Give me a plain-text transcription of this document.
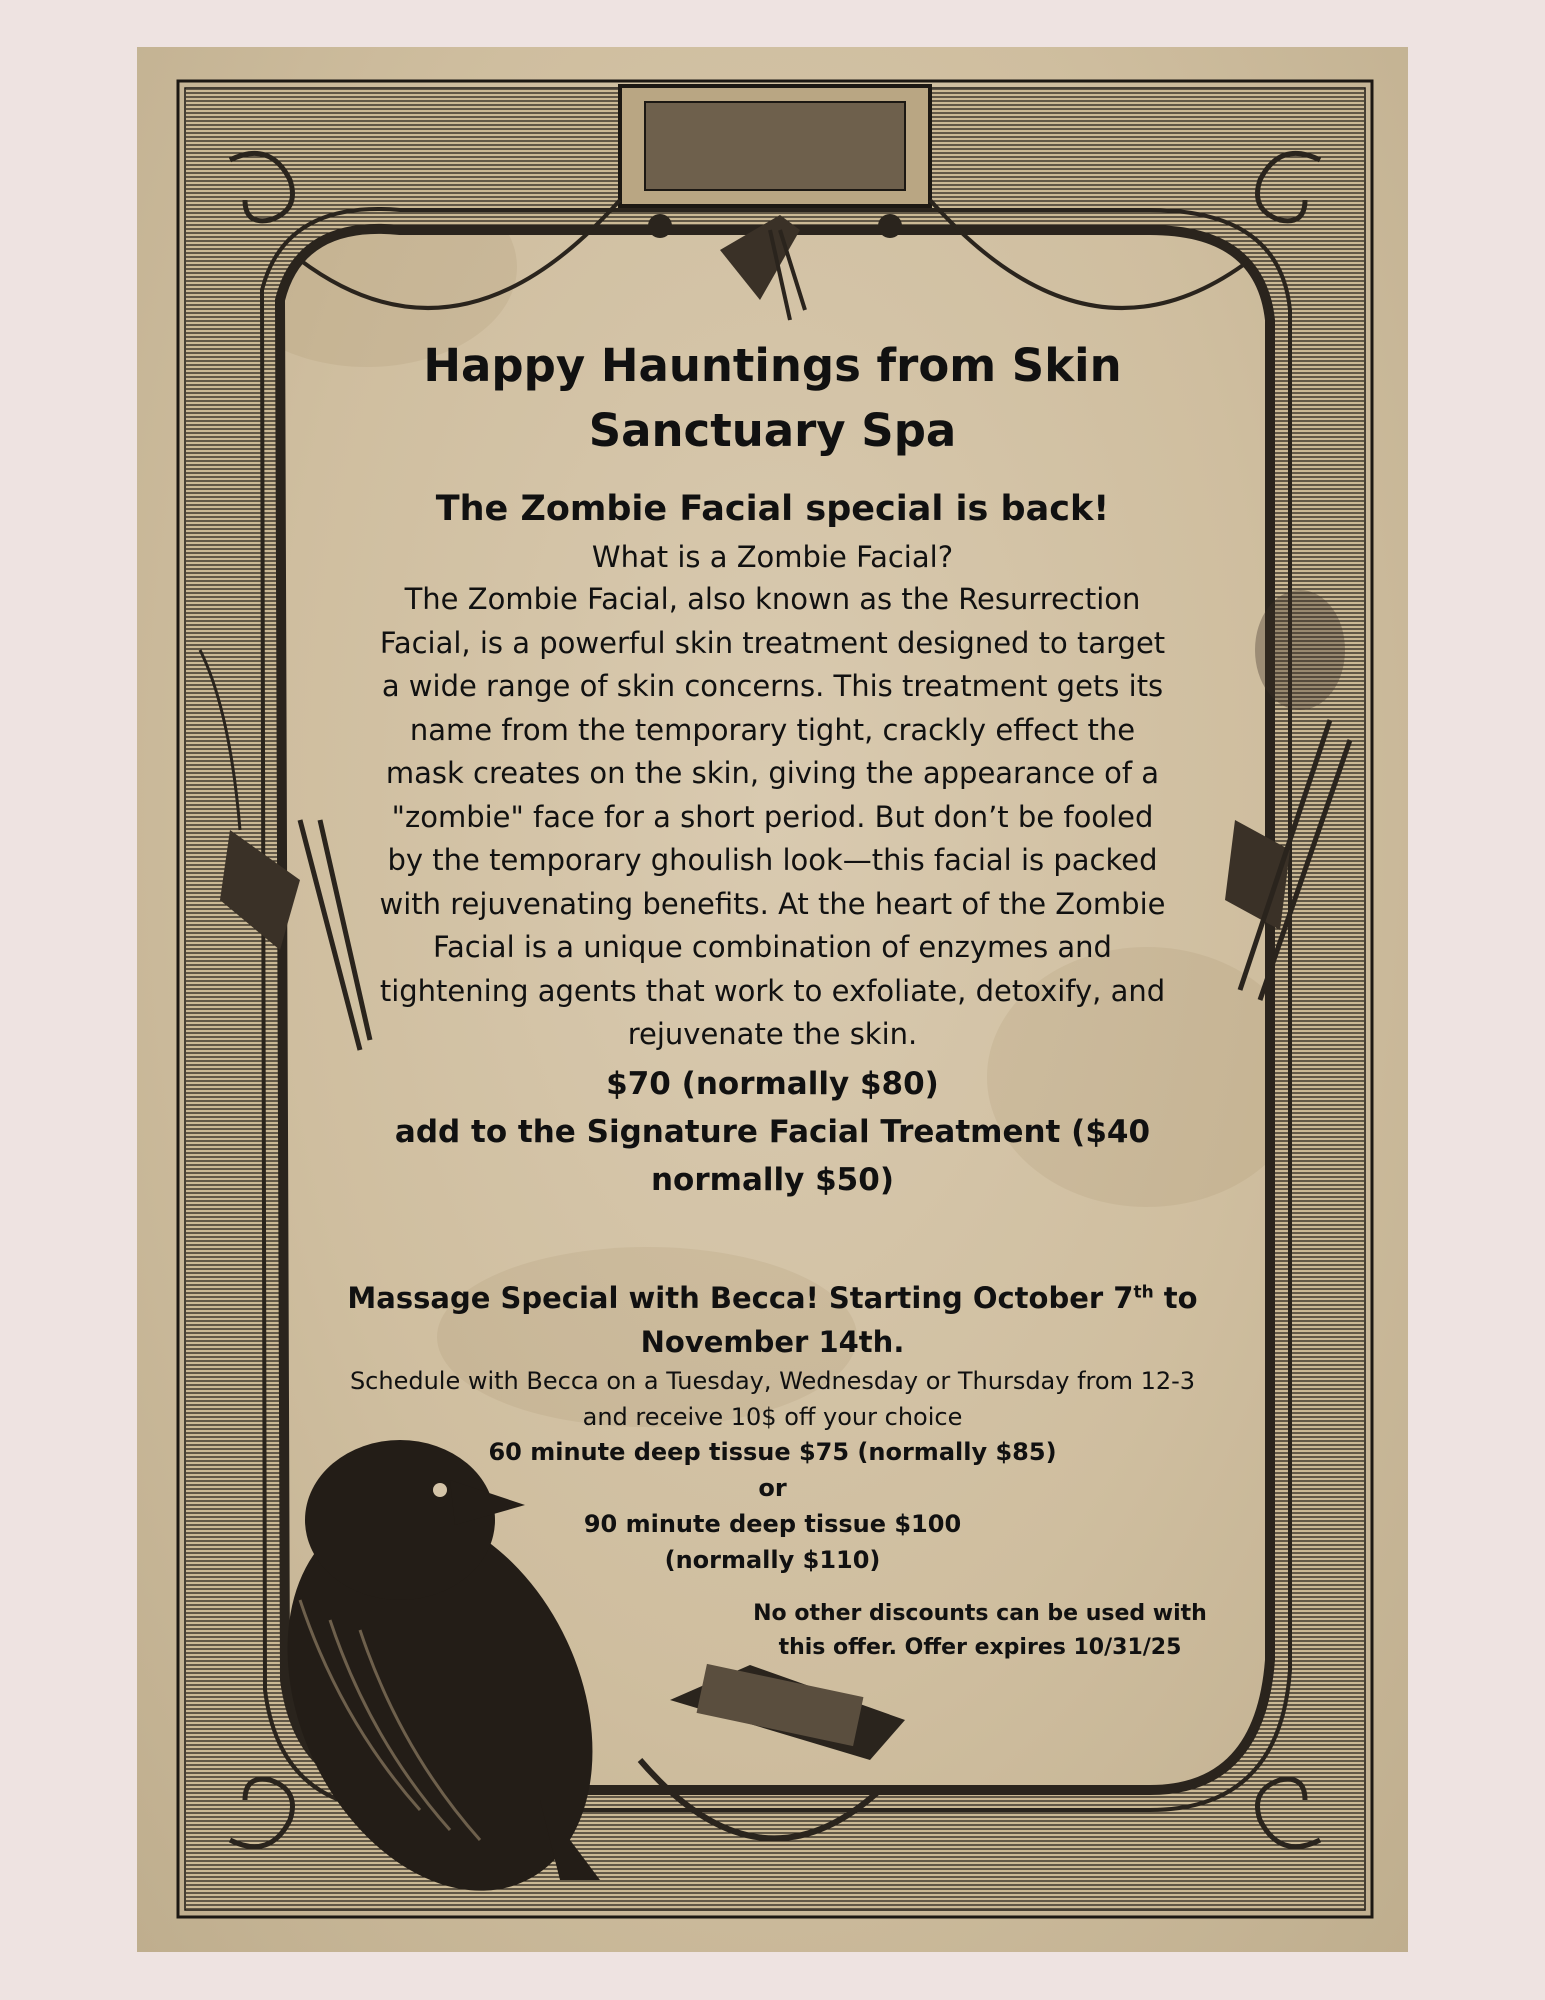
Happy Hauntings from Skin
Sanctuary Spa
The Zombie Facial special is back!
What is a Zombie Facial?
The Zombie Facial, also known as the Resurrection
Facial, is a powerful skin treatment designed to target
a wide range of skin concerns. This treatment gets its
name from the temporary tight, crackly effect the
mask creates on the skin, giving the appearance of a
"zombie" face for a short period. But don’t be fooled
by the temporary ghoulish look—this facial is packed
with rejuvenating benefits. At the heart of the Zombie
Facial is a unique combination of enzymes and
tightening agents that work to exfoliate, detoxify, and
rejuvenate the skin.
$70 (normally $80)
add to the Signature Facial Treatment ($40
normally $50)
Massage Special with Becca! Starting October 7th to
November 14th.
Schedule with Becca on a Tuesday, Wednesday or Thursday from 12-3
and receive 10$ off your choice
60 minute deep tissue $75 (normally $85)
or
90 minute deep tissue $100
(normally $110)
No other discounts can be used with
this offer. Offer expires 10/31/25
